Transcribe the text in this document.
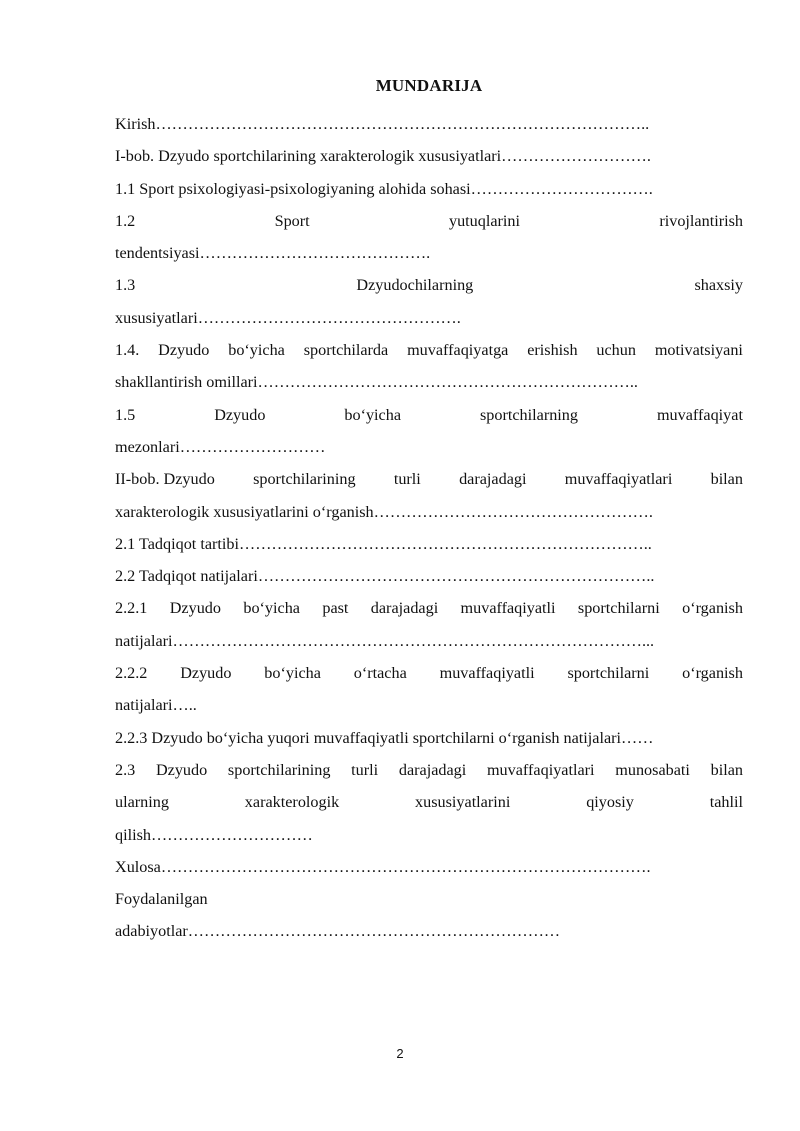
MUNDARIJA
Kirish………………………………………………………………………………..
I-bob. Dzyudo sportchilarining xarakterologik xususiyatlari……………………….
1.1 Sport psixologiyasi-psixologiyaning alohida sohasi…………………………….
1.2	Sport	yutuqlarini	rivojlantirish
tendentsiyasi…………………………………….
1.3	Dzyudochilarning	shaxsiy
xususiyatlari………………………………………….
1.4. Dzyudo bo‘yicha sportchilarda muvaffaqiyatga erishish uchun motivatsiyani
shakllantirish omillari……………………………………………………………..
1.5	Dzyudo	bo‘yicha	sportchilarning	muvaffaqiyat
mezonlari………………………
II-bob. Dzyudo sportchilarining turli darajadagi muvaffaqiyatlari bilan
xarakterologik xususiyatlarini o‘rganish…………………………………………….
2.1 Tadqiqot tartibi…………………………………………………………………..
2.2 Tadqiqot natijalari………………………………………………………………..
2.2.1 Dzyudo bo‘yicha past darajadagi muvaffaqiyatli sportchilarni o‘rganish
natijalari……………………………………………………………………………...
2.2.2 Dzyudo bo‘yicha o‘rtacha muvaffaqiyatli sportchilarni o‘rganish
natijalari…..
2.2.3 Dzyudo bo‘yicha yuqori muvaffaqiyatli sportchilarni o‘rganish natijalari……
2.3 Dzyudo sportchilarining turli darajadagi muvaffaqiyatlari munosabati bilan
ularning	xarakterologik	xususiyatlarini	qiyosiy	tahlil
qilish…………………………
Xulosa……………………………………………………………………………….
Foydalanilgan
adabiyotlar……………………………………………………………
2
